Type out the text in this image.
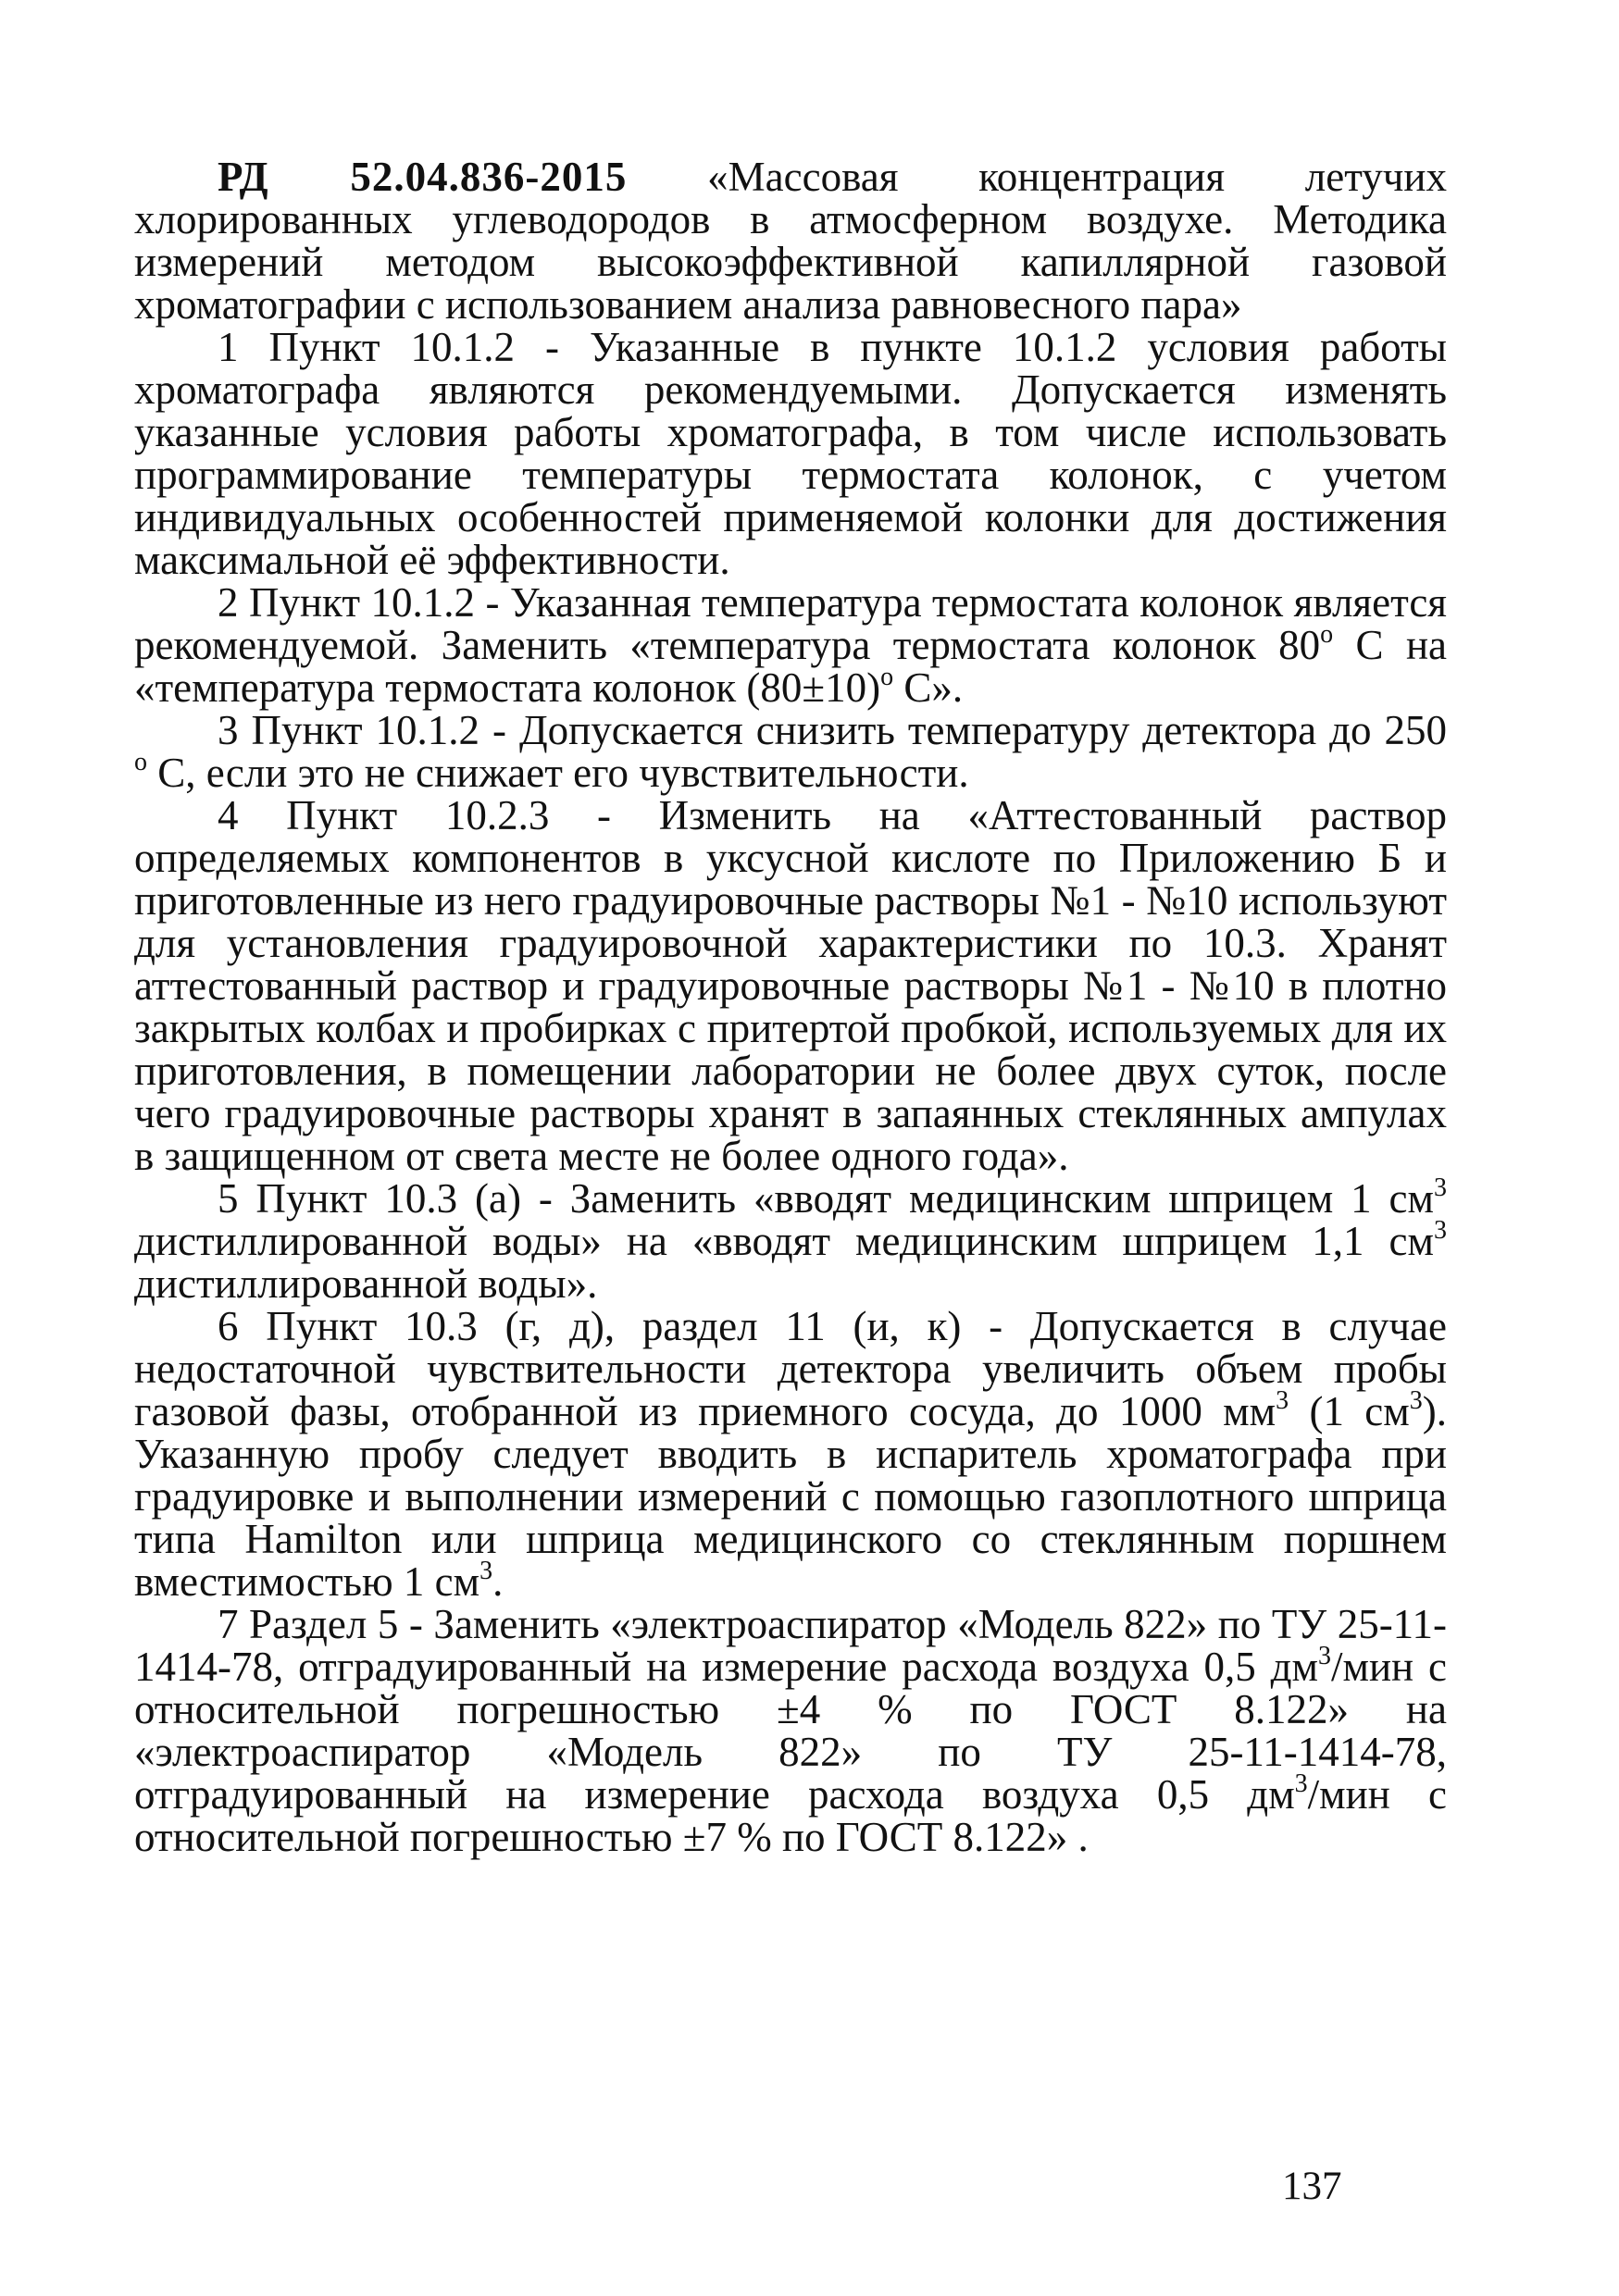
РД 52.04.836-2015 «Массовая концентрация летучих хлорированных углеводородов в атмосферном воздухе. Методика измерений методом высокоэффективной капиллярной газовой хроматографии с использованием анализа равновесного пара»

1 Пункт 10.1.2 - Указанные в пункте 10.1.2 условия работы хроматографа являются рекомендуемыми. Допускается изменять указанные условия работы хроматографа, в том числе использовать программирование температуры термостата колонок, с учетом индивидуальных особенностей применяемой колонки для достижения максимальной её эффективности.

2 Пункт 10.1.2 - Указанная температура термостата колонок является рекомендуемой. Заменить «температура термостата колонок 80$^o$ С на «температура термостата колонок $(80\pm 10)^o$ С».

3 Пункт 10.1.2 - Допускается снизить температуру детектора до 250 $^o$ С, если это не снижает его чувствительности.

4 Пункт 10.2.3 - Изменить на «Аттестованный раствор определяемых компонентов в уксусной кислоте по Приложению Б и приготовленные из него градуировочные растворы №1 - №10 используют для установления градуировочной характеристики по 10.3. Хранят аттестованный раствор и градуировочные растворы №1 - №10 в плотно закрытых колбах и пробирках с притертой пробкой, используемых для их приготовления, в помещении лаборатории не более двух суток, после чего градуировочные растворы хранят в запаянных стеклянных ампулах в защищенном от света месте не более одного года».

5 Пункт 10.3 (а) - Заменить «вводят медицинским шприцем 1 $см^3$ дистиллированной воды» на «вводят медицинским шприцем 1,1 $см^3$ дистиллированной воды».

6 Пункт 10.3 (г, д), раздел 11 (и, к) - Допускается в случае недостаточной чувствительности детектора увеличить объем пробы газовой фазы, отобранной из приемного сосуда, до 1000 $мм^3$ (1 $см^3$). Указанную пробу следует вводить в испаритель хроматографа при градуировке и выполнении измерений с помощью газоплотного шприца типа Hamilton или шприца медицинского со стеклянным поршнем вместимостью 1 $см^3$.

7 Раздел 5 - Заменить «электроаспиратор «Модель 822» по ТУ 25-11-1414-78, отградуированный на измерение расхода воздуха 0,5 $дм^3$/мин с относительной погрешностью ±4 % по ГОСТ 8.122» на «электроаспиратор «Модель 822» по ТУ 25-11-1414-78, отградуированный на измерение расхода воздуха 0,5 $дм^3$/мин с относительной погрешностью ±7 % по ГОСТ 8.122» .

137
